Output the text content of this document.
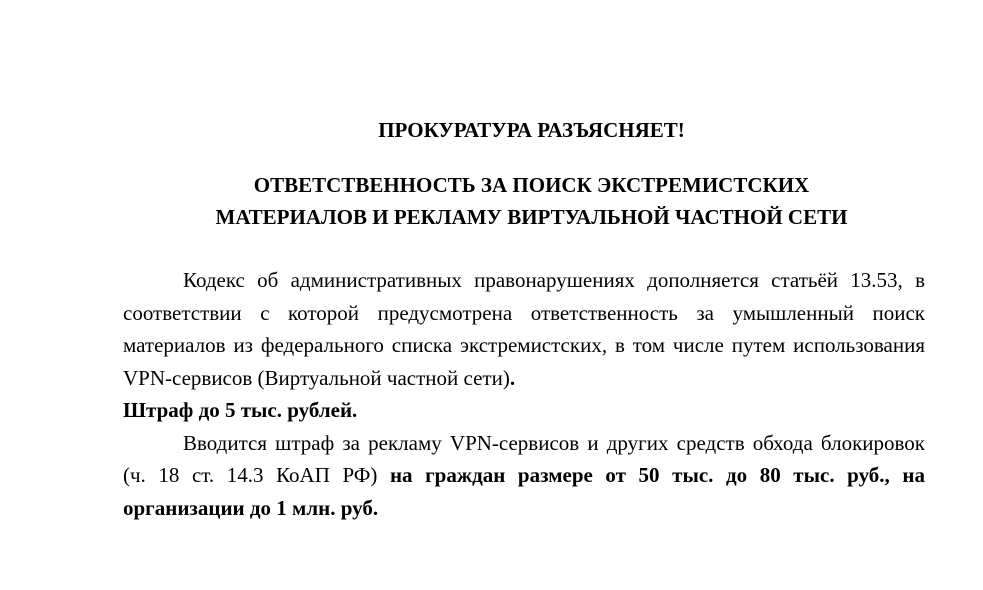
ПРОКУРАТУРА РАЗЪЯСНЯЕТ!
ОТВЕТСТВЕННОСТЬ ЗА ПОИСК ЭКСТРЕМИСТСКИХ
МАТЕРИАЛОВ И РЕКЛАМУ ВИРТУАЛЬНОЙ ЧАСТНОЙ СЕТИ

Кодекс об административных правонарушениях дополняется статьёй 13.53, в соответствии с которой предусмотрена ответственность за умышленный поиск материалов из федерального списка экстремистских, в том числе путем использования VPN-сервисов (Виртуальной частной сети).

Штраф до 5 тыс. рублей.

Вводится штраф за рекламу VPN-сервисов и других средств обхода блокировок (ч. 18 ст. 14.3 КоАП РФ) на граждан размере от 50 тыс. до 80 тыс. руб., на организации до 1 млн. руб.
